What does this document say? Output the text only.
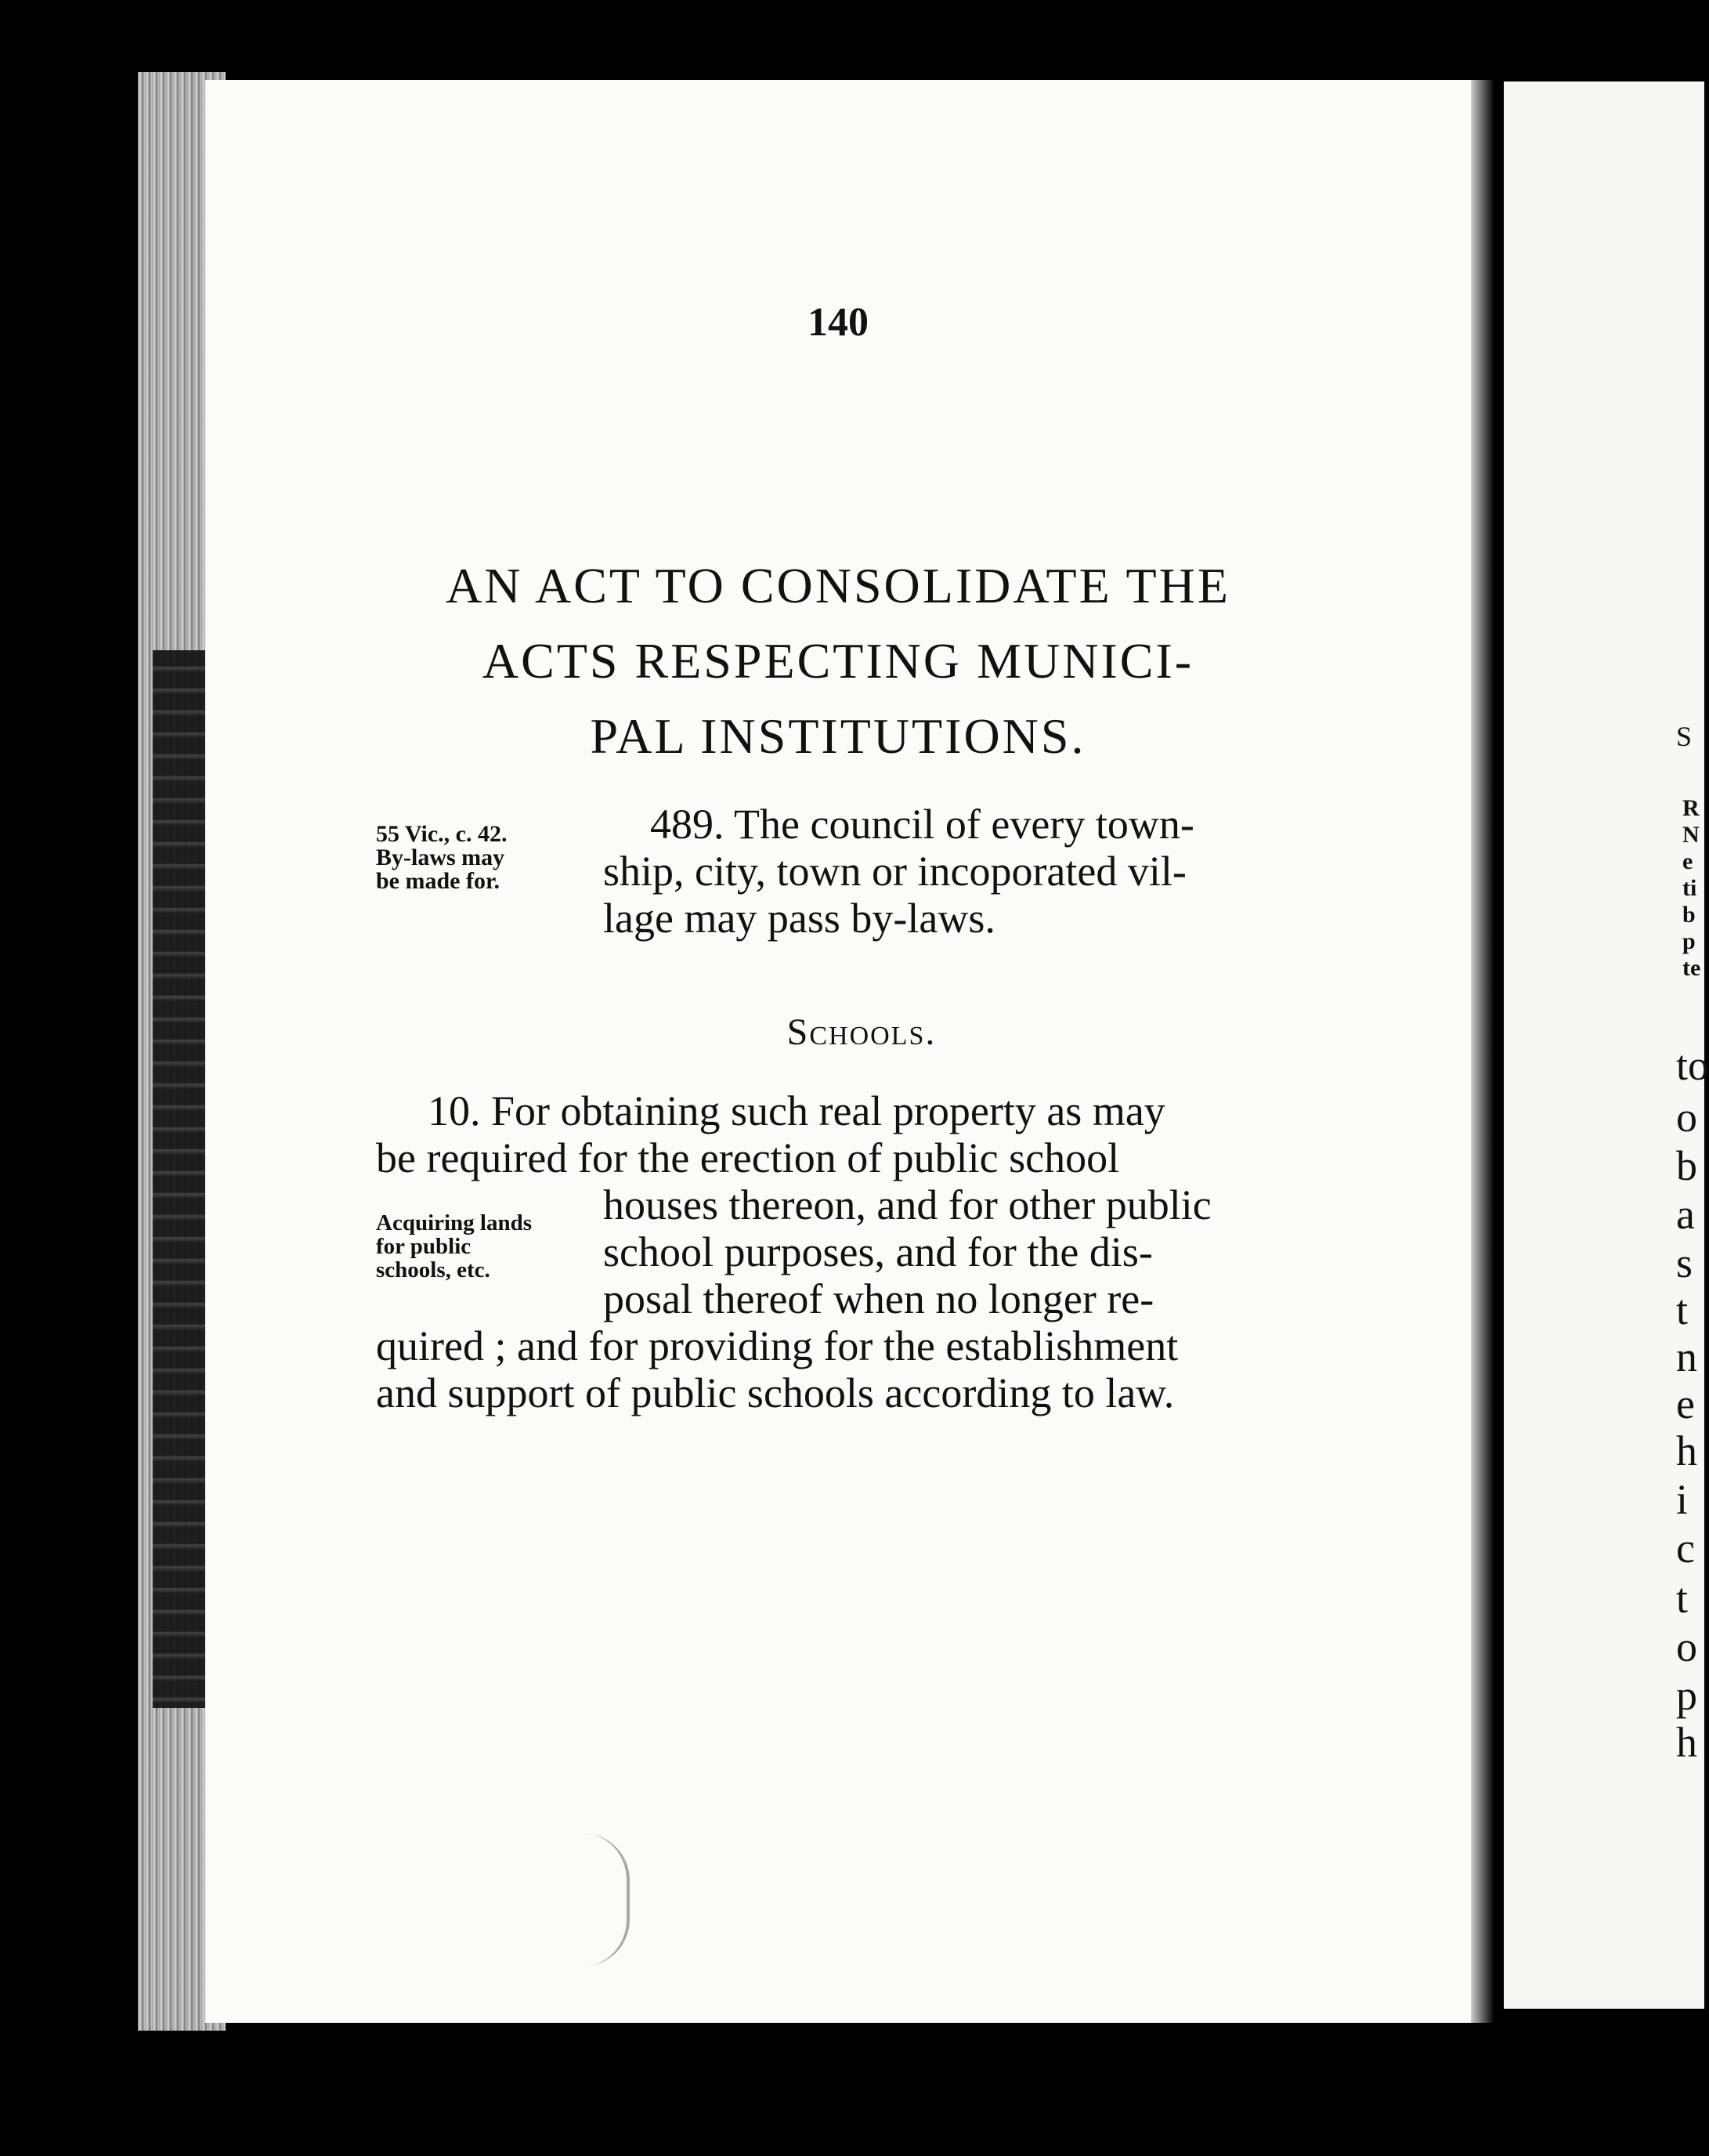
140
AN ACT TO CONSOLIDATE THE
ACTS RESPECTING MUNICI-
PAL INSTITUTIONS.
55 Vic., c. 42.
By-laws may
be made for.
489. The council of every town-
ship, city, town or incoporated vil-
lage may pass by-laws.
Schools.
10. For obtaining such real property as may
be required for the erection of public school
houses thereon, and for other public
school purposes, and for the dis-
posal thereof when no longer re-
quired ; and for providing for the establishment
and support of public schools according to law.
Acquiring lands
for public
schools, etc.
S
R
N
e
ti
b
p
te
to
o
b
a
s
t
n
e
h
i
c
t
o
p
h
